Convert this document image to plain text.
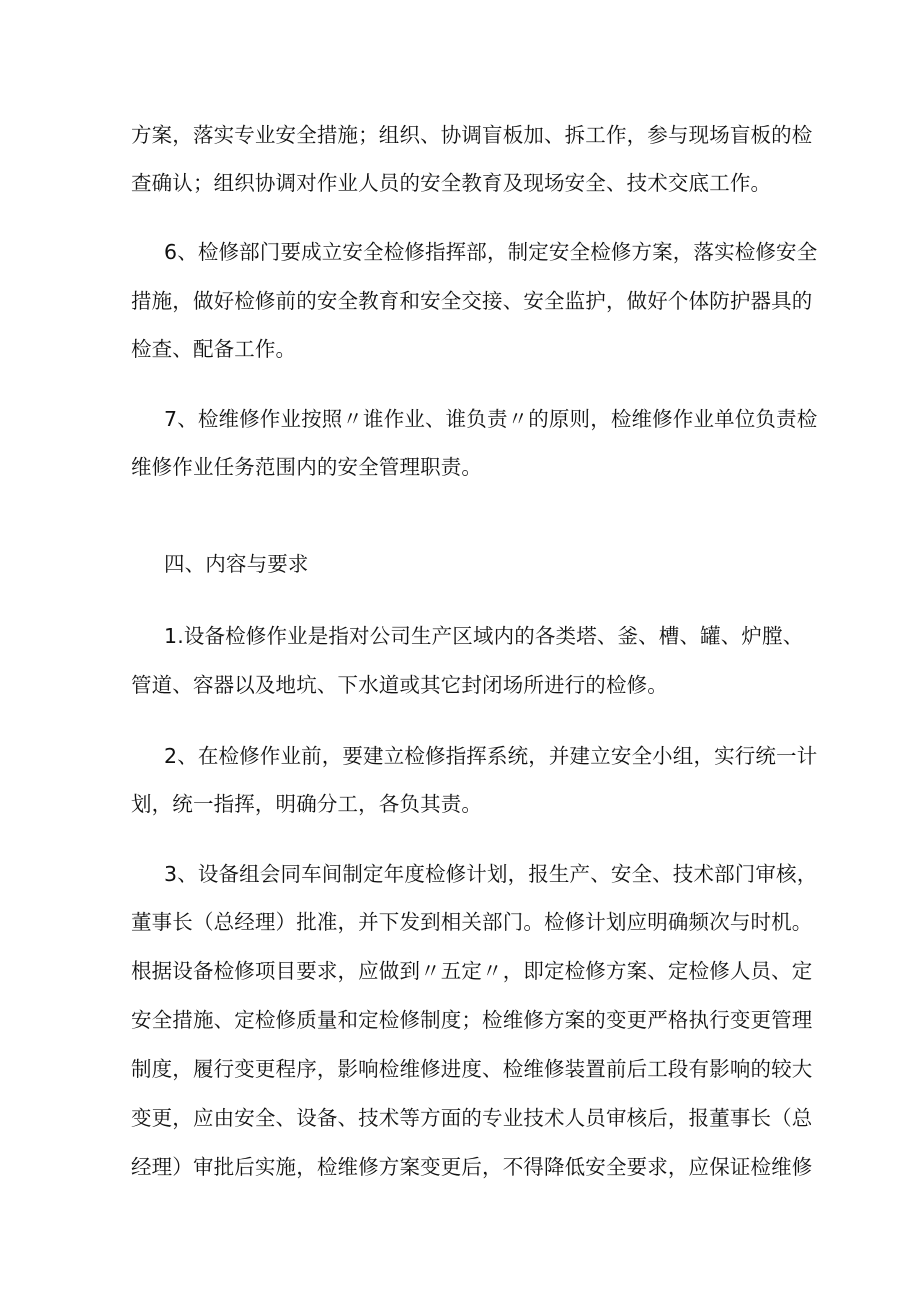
方案，落实专业安全措施；组织、协调盲板加、拆工作，参与现场盲板的检
查确认；组织协调对作业人员的安全教育及现场安全、技术交底工作。
6、检修部门要成立安全检修指挥部，制定安全检修方案，落实检修安全
措施，做好检修前的安全教育和安全交接、安全监护，做好个体防护器具的
检查、配备工作。
7、检维修作业按照〃谁作业、谁负责〃的原则，检维修作业单位负责检
维修作业任务范围内的安全管理职责。
四、内容与要求
1.设备检修作业是指对公司生产区域内的各类塔、釜、槽、罐、炉膛、
管道、容器以及地坑、下水道或其它封闭场所进行的检修。
2、在检修作业前，要建立检修指挥系统，并建立安全小组，实行统一计
划，统一指挥，明确分工，各负其责。
3、设备组会同车间制定年度检修计划，报生产、安全、技术部门审核，
董事长（总经理）批准，并下发到相关部门。检修计划应明确频次与时机。
根据设备检修项目要求，应做到〃五定〃，即定检修方案、定检修人员、定
安全措施、定检修质量和定检修制度；检维修方案的变更严格执行变更管理
制度，履行变更程序，影响检维修进度、检维修装置前后工段有影响的较大
变更，应由安全、设备、技术等方面的专业技术人员审核后，报董事长（总
经理）审批后实施，检维修方案变更后，不得降低安全要求，应保证检维修
